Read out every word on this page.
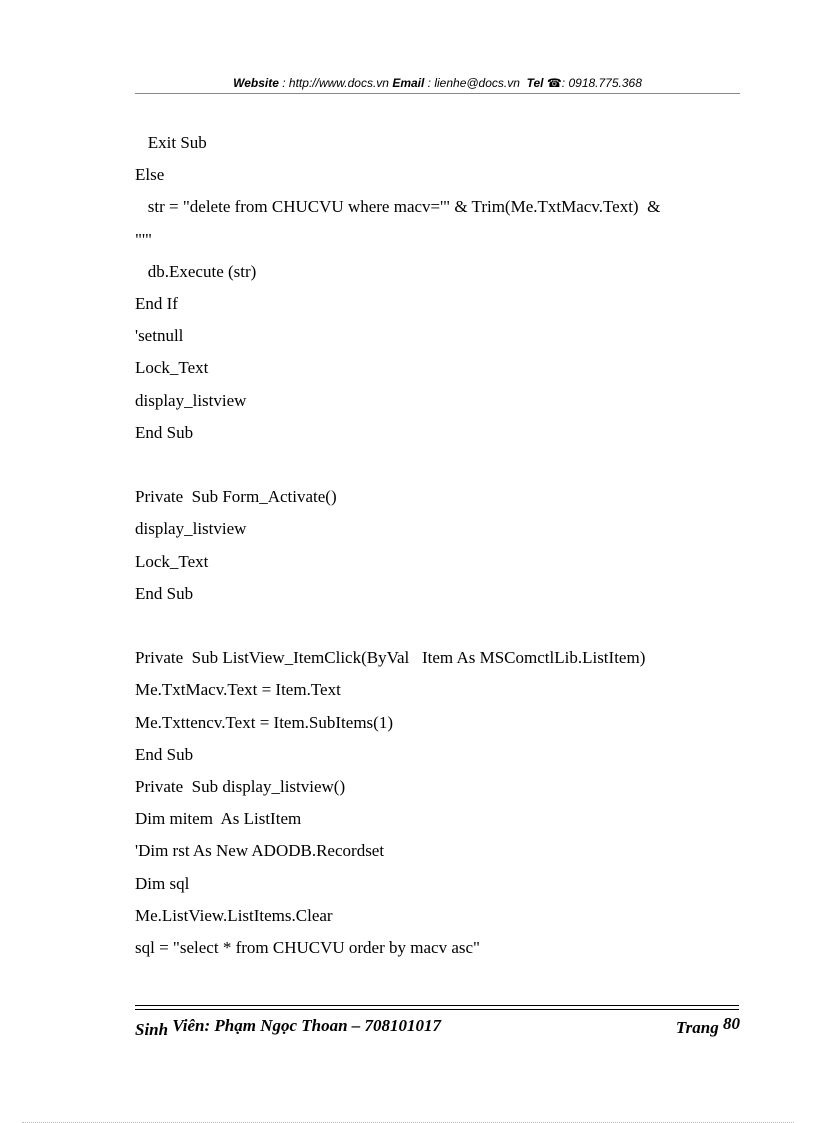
Website : http://www.docs.vn Email : lienhe@docs.vn Tel ☎: 0918.775.368
Exit Sub
Else
str = "delete from CHUCVU where macv='" & Trim(Me.TxtMacv.Text)  &
"'"
db.Execute (str)
End If
'setnull
Lock_Text
display_listview
End Sub
Private  Sub Form_Activate()
display_listview
Lock_Text
End Sub
Private  Sub ListView_ItemClick(ByVal   Item As MSComctlLib.ListItem)
Me.TxtMacv.Text = Item.Text
Me.Txttencv.Text = Item.SubItems(1)
End Sub
Private  Sub display_listview()
Dim mitem  As ListItem
'Dim rst As New ADODB.Recordset
Dim sql
Me.ListView.ListItems.Clear
sql = "select * from CHUCVU order by macv asc"
Sinh Viên: Phạm Ngọc Thoan – 708101017	Trang 80
